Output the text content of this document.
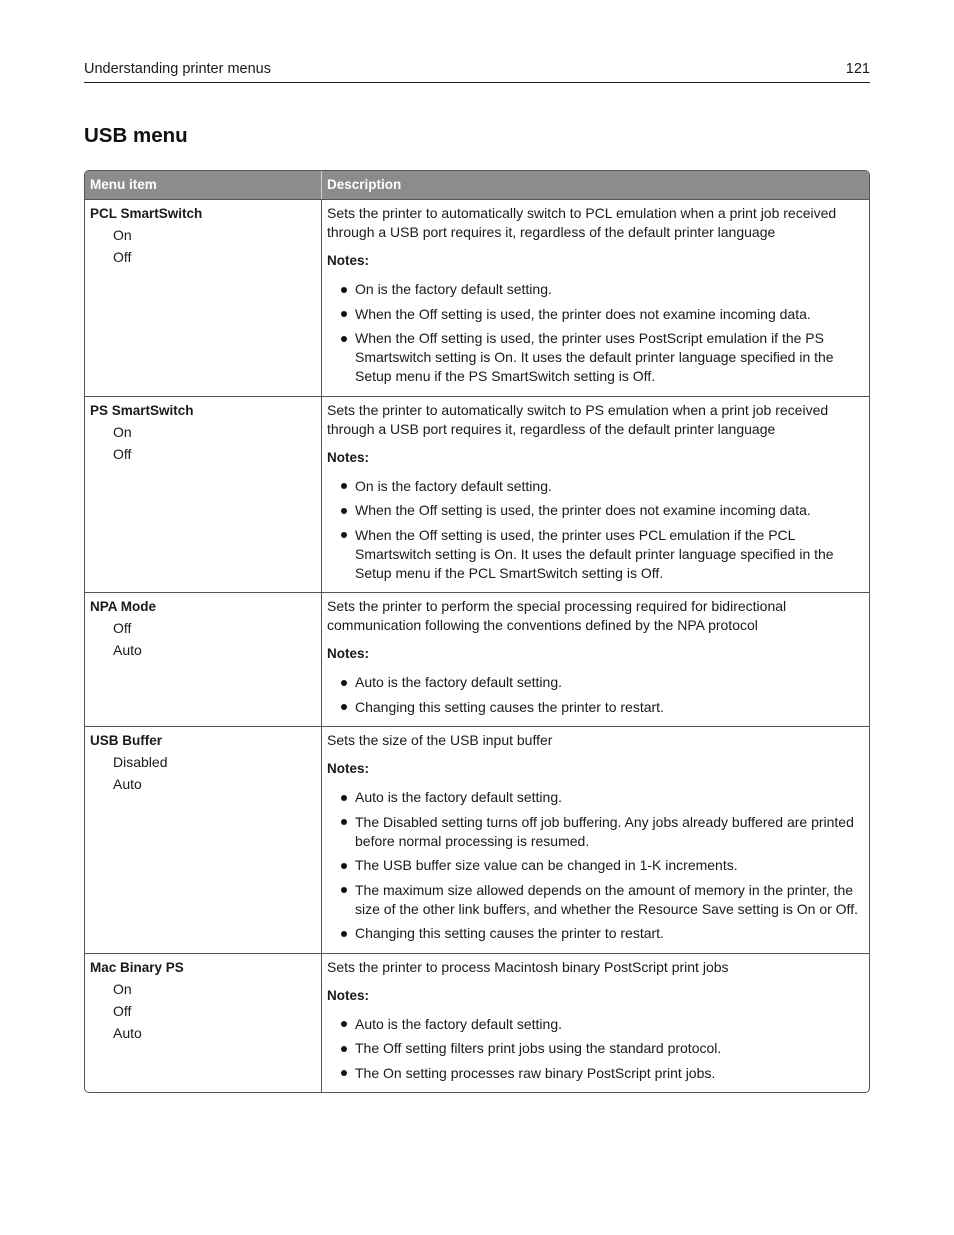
Understanding printer menus	121
USB menu
Menu item	Description
PCL SmartSwitch
On
Off

Sets the printer to automatically switch to PCL emulation when a print job received through a USB port requires it, regardless of the default printer language

Notes:
On is the factory default setting.
When the Off setting is used, the printer does not examine incoming data.
When the Off setting is used, the printer uses PostScript emulation if the PS Smartswitch setting is On. It uses the default printer language specified in the Setup menu if the PS SmartSwitch setting is Off.
PS SmartSwitch
On
Off

Sets the printer to automatically switch to PS emulation when a print job received through a USB port requires it, regardless of the default printer language

Notes:
On is the factory default setting.
When the Off setting is used, the printer does not examine incoming data.
When the Off setting is used, the printer uses PCL emulation if the PCL Smartswitch setting is On. It uses the default printer language specified in the Setup menu if the PCL SmartSwitch setting is Off.
NPA Mode
Off
Auto

Sets the printer to perform the special processing required for bidirectional communication following the conventions defined by the NPA protocol

Notes:
Auto is the factory default setting.
Changing this setting causes the printer to restart.
USB Buffer
Disabled
Auto

Sets the size of the USB input buffer

Notes:
Auto is the factory default setting.
The Disabled setting turns off job buffering. Any jobs already buffered are printed before normal processing is resumed.
The USB buffer size value can be changed in 1-K increments.
The maximum size allowed depends on the amount of memory in the printer, the size of the other link buffers, and whether the Resource Save setting is On or Off.
Changing this setting causes the printer to restart.
Mac Binary PS
On
Off
Auto

Sets the printer to process Macintosh binary PostScript print jobs

Notes:
Auto is the factory default setting.
The Off setting filters print jobs using the standard protocol.
The On setting processes raw binary PostScript print jobs.
